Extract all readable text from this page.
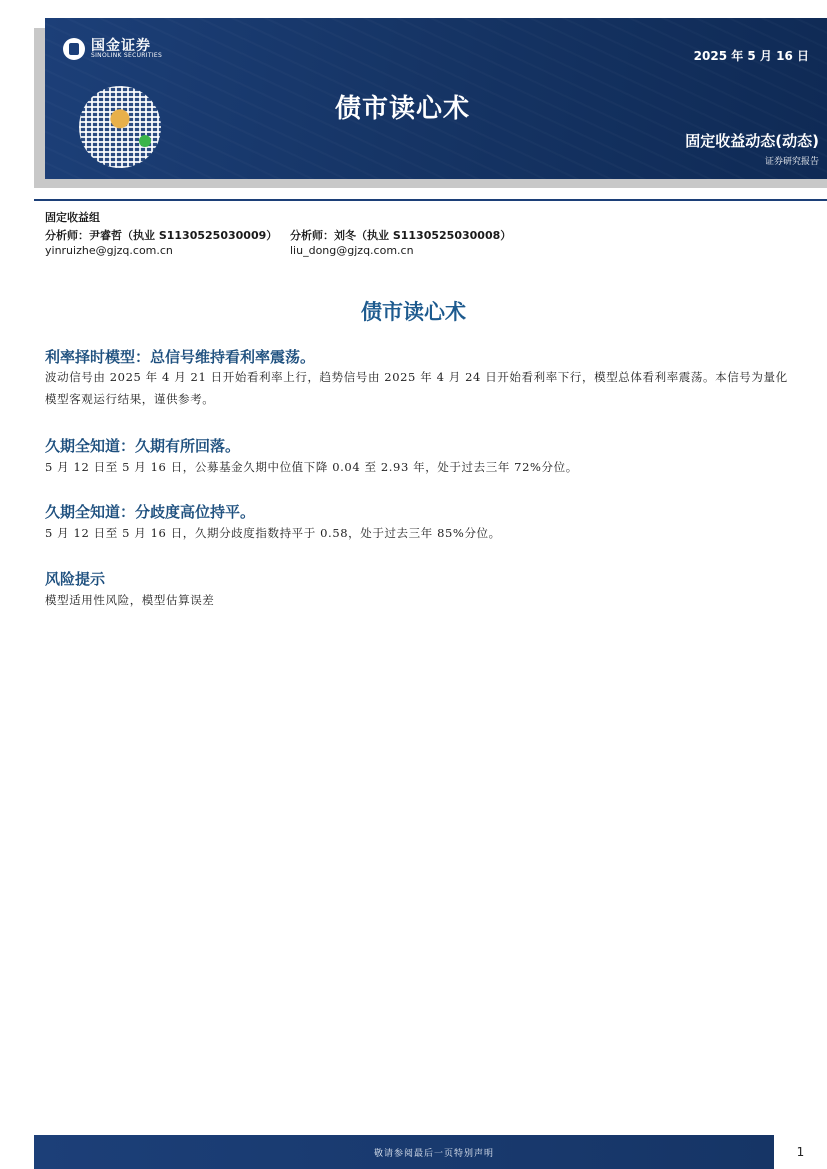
国金证券
SINOLINK SECURITIES	2025 年 5 月 16 日
债市读心术
固定收益动态(动态)
证券研究报告
固定收益组
分析师：尹睿哲（执业 S1130525030009） 分析师：刘冬（执业 S1130525030008）
yinruizhe@gjzq.com.cn	liu_dong@gjzq.com.cn
债市读心术
利率择时模型：总信号维持看利率震荡。
波动信号由 2025 年 4 月 21 日开始看利率上行，趋势信号由 2025 年 4 月 24 日开始看利率下行，模型总体看利率震荡。本信号为量化模型客观运行结果，谨供参考。
久期全知道：久期有所回落。
5 月 12 日至 5 月 16 日，公募基金久期中位值下降 0.04 至 2.93 年，处于过去三年 72%分位。
久期全知道：分歧度高位持平。
5 月 12 日至 5 月 16 日，久期分歧度指数持平于 0.58，处于过去三年 85%分位。
风险提示
模型适用性风险，模型估算误差
敬请参阅最后一页特别声明	1
